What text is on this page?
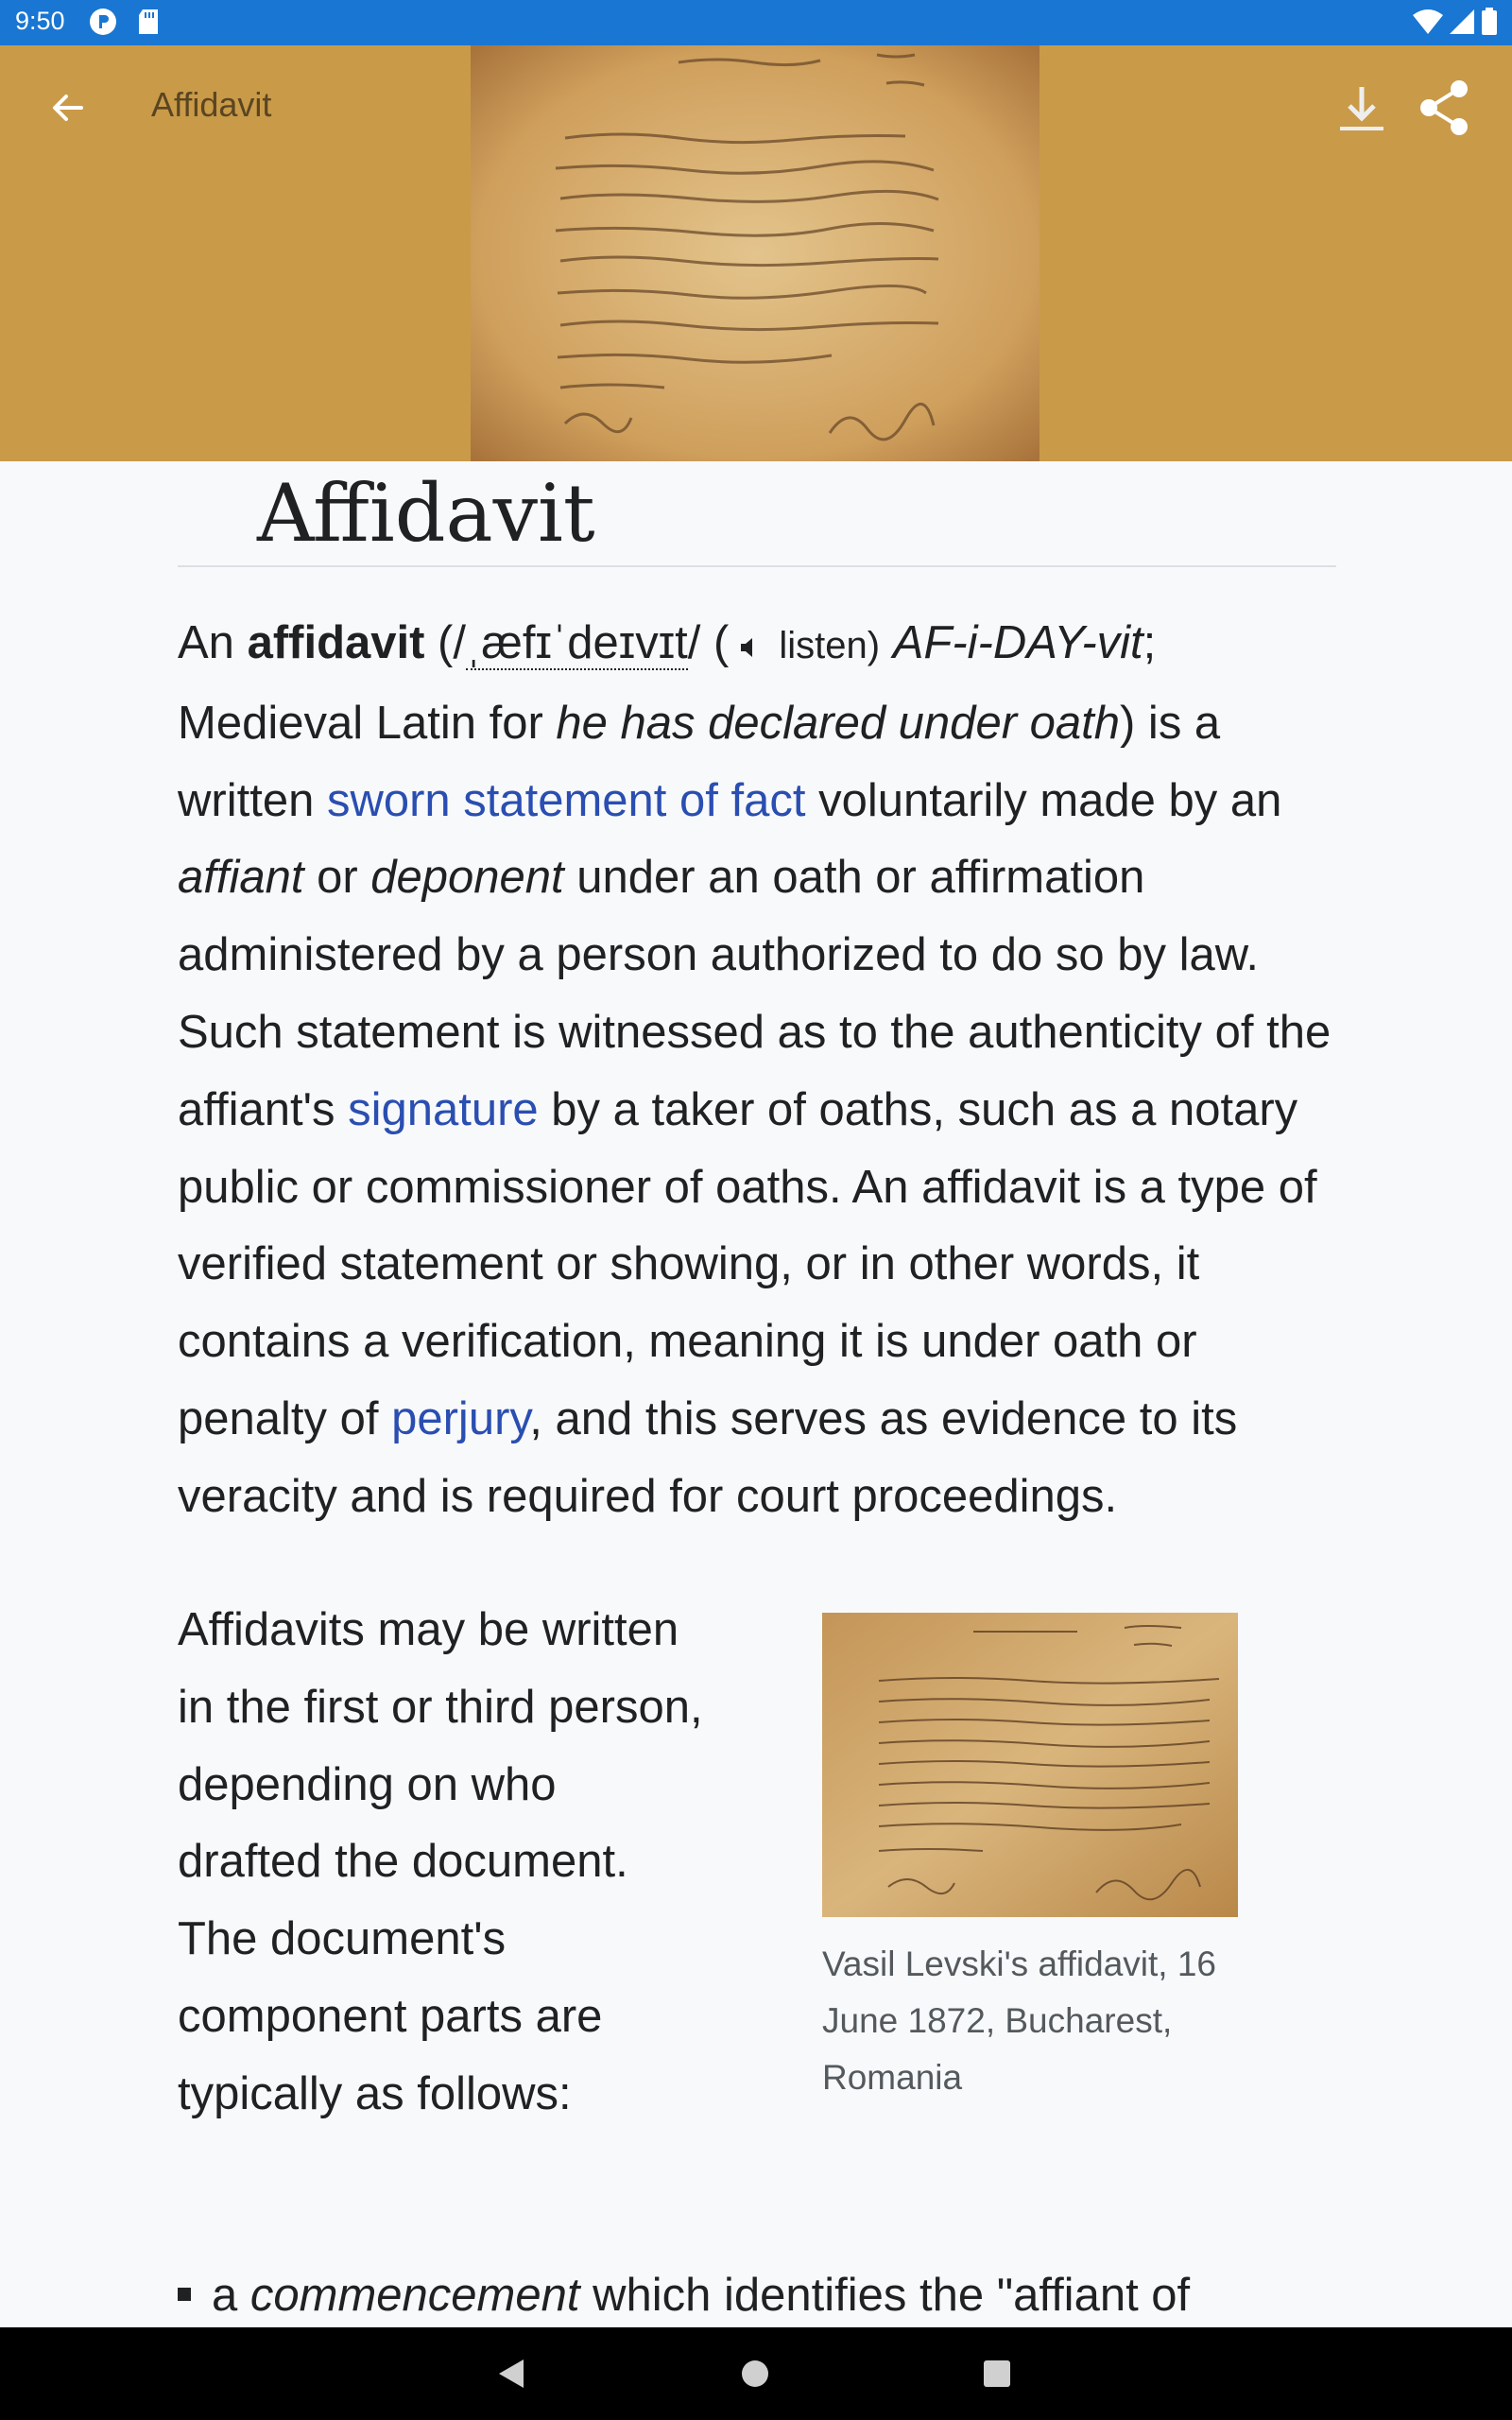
9:50
Affidavit
Affidavit

An affidavit (/ˌæfɪˈdeɪvɪt/ ( listen) AF-i-DAY-vit; Medieval Latin for he has declared under oath) is a written sworn statement of fact voluntarily made by an affiant or deponent under an oath or affirmation administered by a person authorized to do so by law. Such statement is witnessed as to the authenticity of the affiant's signature by a taker of oaths, such as a notary public or commissioner of oaths. An affidavit is a type of verified statement or showing, or in other words, it contains a verification, meaning it is under oath or penalty of perjury, and this serves as evidence to its veracity and is required for court proceedings.

Affidavits may be written in the first or third person, depending on who drafted the document. The document's component parts are typically as follows:

Vasil Levski's affidavit, 16 June 1872, Bucharest, Romania
a commencement which identifies the "affiant of
